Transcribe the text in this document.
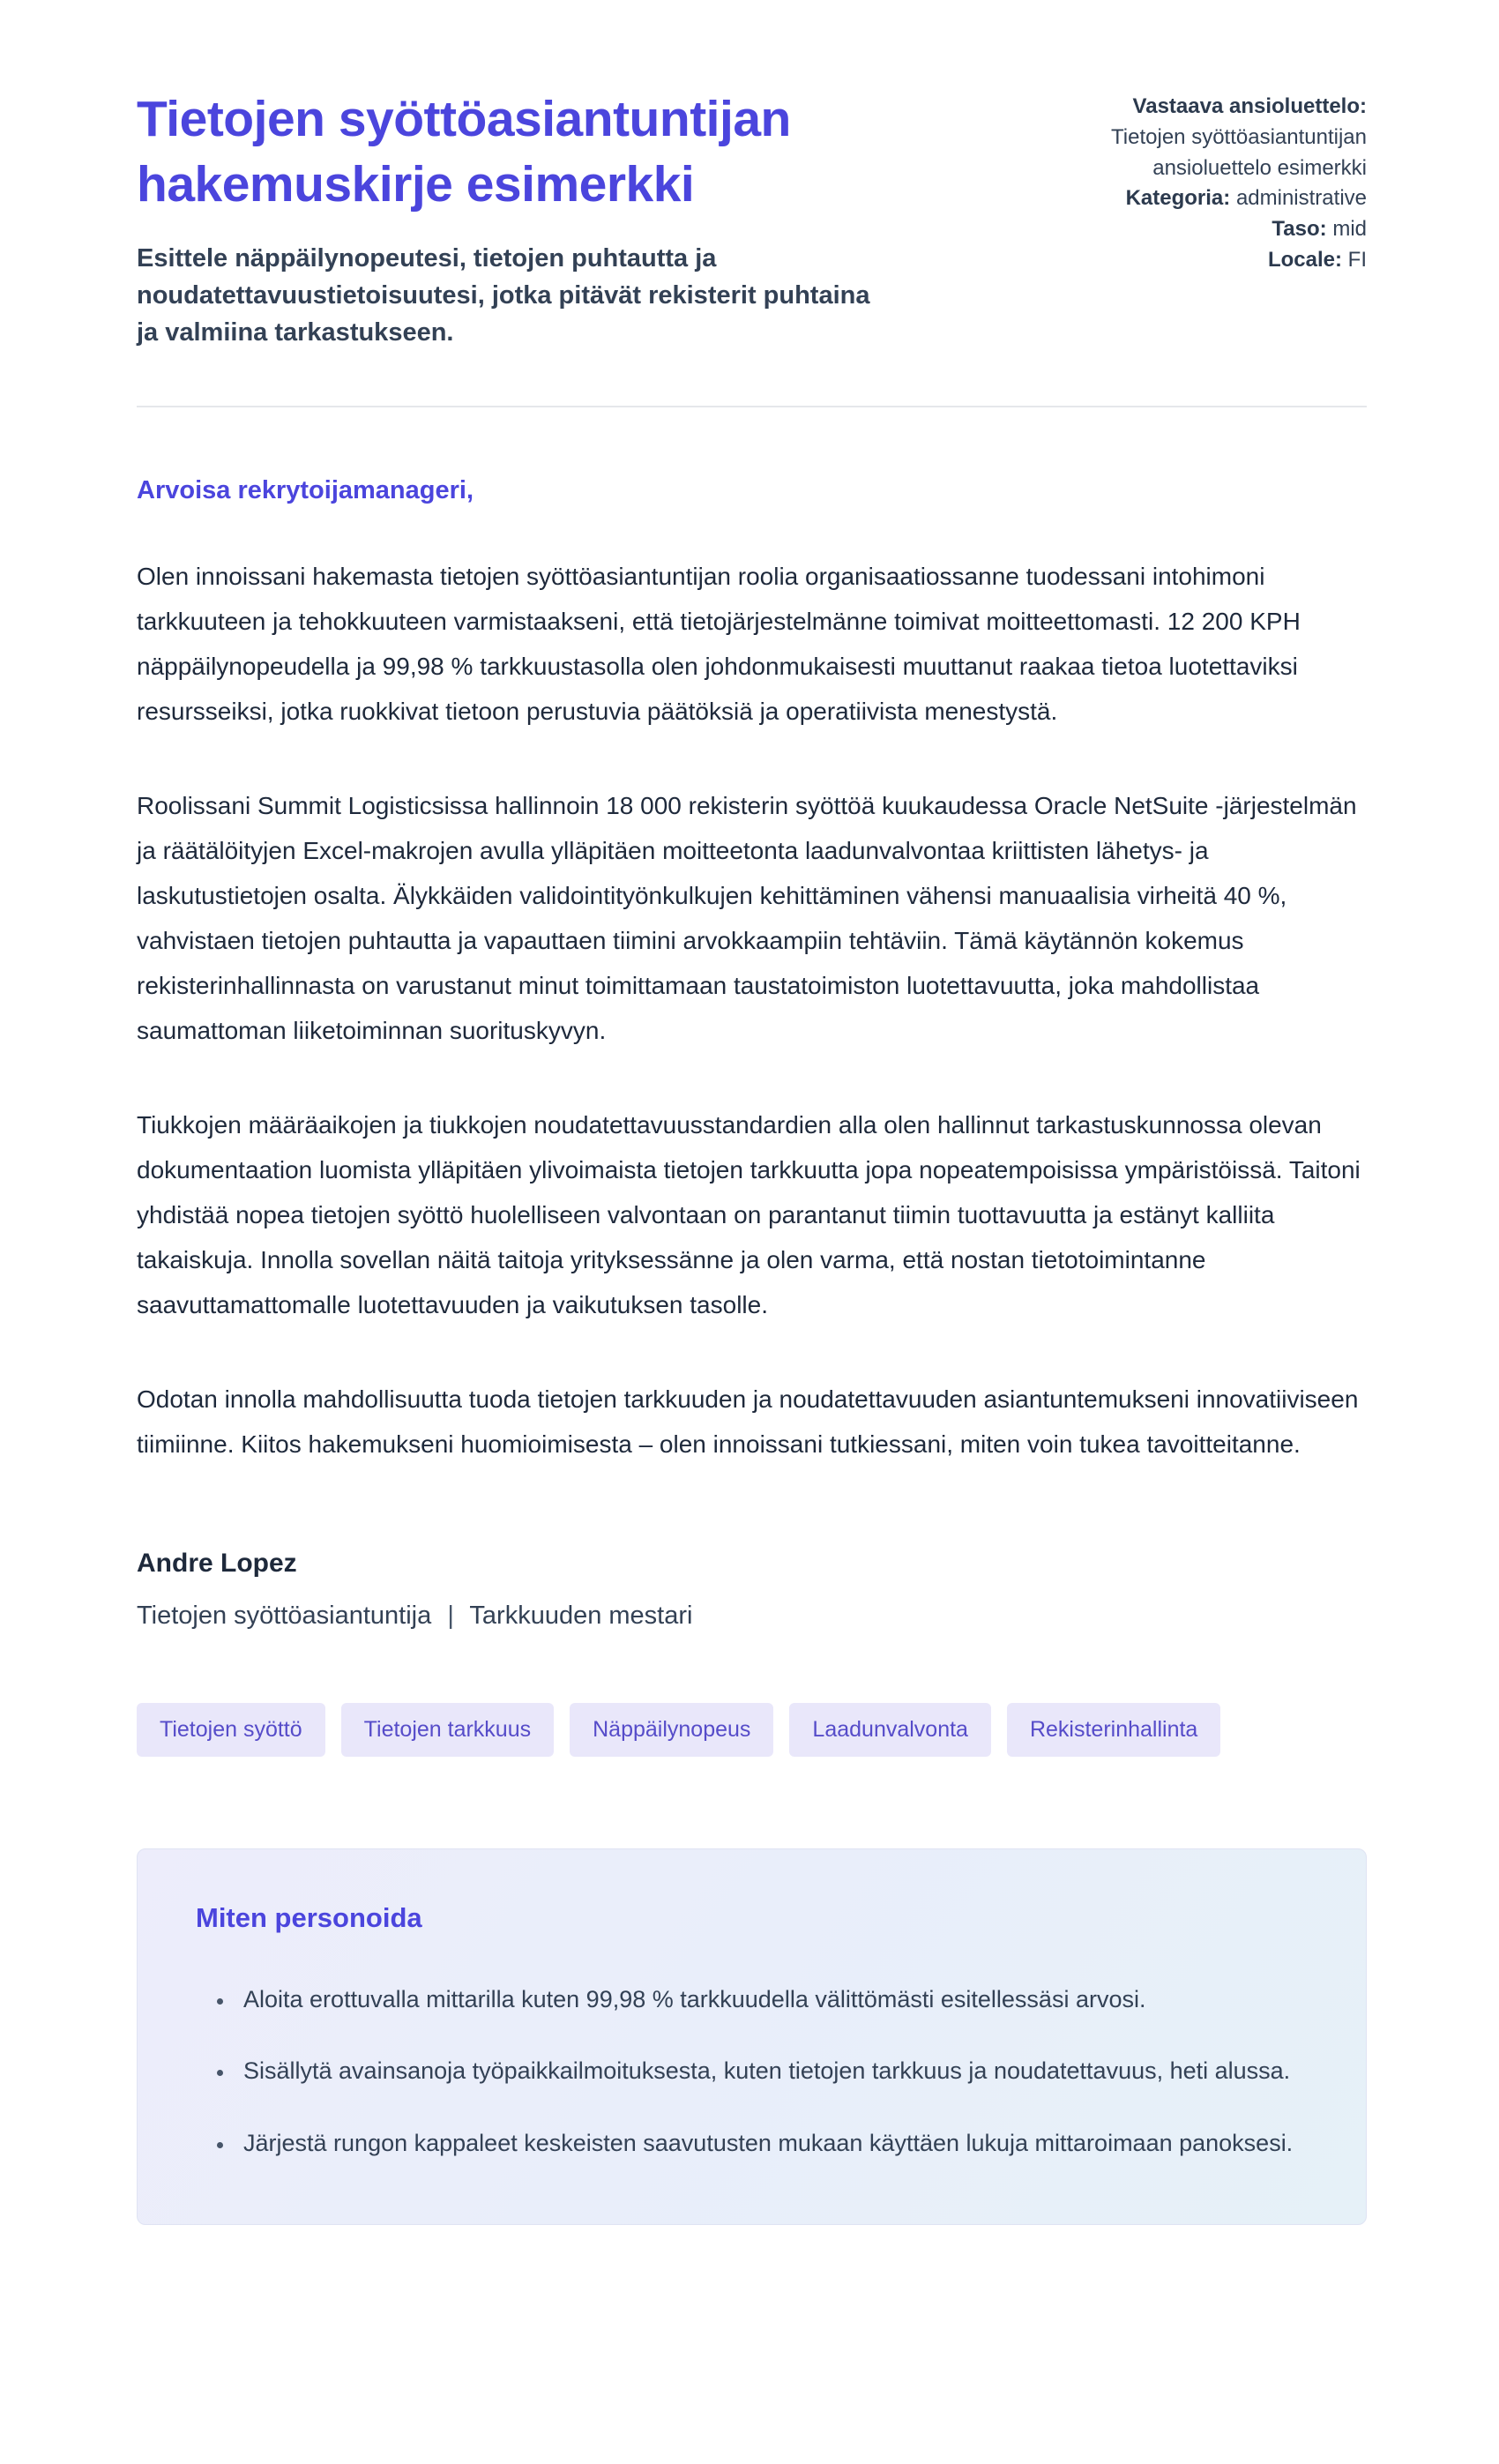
Tietojen syöttöasiantuntijan hakemuskirje esimerkki

Esittele näppäilynopeutesi, tietojen puhtautta ja noudatettavuustietoisuutesi, jotka pitävät rekisterit puhtaina ja valmiina tarkastukseen.

Vastaava ansioluettelo:
Tietojen syöttöasiantuntijan ansioluettelo esimerkki
Kategoria: administrative
Taso: mid
Locale: FI

Arvoisa rekrytoijamanageri,

Olen innoissani hakemasta tietojen syöttöasiantuntijan roolia organisaatiossanne tuodessani intohimoni tarkkuuteen ja tehokkuuteen varmistaakseni, että tietojärjestelmänne toimivat moitteettomasti. 12 200 KPH näppäilynopeudella ja 99,98 % tarkkuustasolla olen johdonmukaisesti muuttanut raakaa tietoa luotettaviksi resursseiksi, jotka ruokkivat tietoon perustuvia päätöksiä ja operatiivista menestystä.

Roolissani Summit Logisticsissa hallinnoin 18 000 rekisterin syöttöä kuukaudessa Oracle NetSuite -järjestelmän ja räätälöityjen Excel-makrojen avulla ylläpitäen moitteetonta laadunvalvontaa kriittisten lähetys- ja laskutustietojen osalta. Älykkäiden validointityönkulkujen kehittäminen vähensi manuaalisia virheitä 40 %, vahvistaen tietojen puhtautta ja vapauttaen tiimini arvokkaampiin tehtäviin. Tämä käytännön kokemus rekisterinhallinnasta on varustanut minut toimittamaan taustatoimiston luotettavuutta, joka mahdollistaa saumattoman liiketoiminnan suorituskyvyn.

Tiukkojen määräaikojen ja tiukkojen noudatettavuusstandardien alla olen hallinnut tarkastuskunnossa olevan dokumentaation luomista ylläpitäen ylivoimaista tietojen tarkkuutta jopa nopeatempoisissa ympäristöissä. Taitoni yhdistää nopea tietojen syöttö huolelliseen valvontaan on parantanut tiimin tuottavuutta ja estänyt kalliita takaiskuja. Innolla sovellan näitä taitoja yrityksessänne ja olen varma, että nostan tietotoimintanne saavuttamattomalle luotettavuuden ja vaikutuksen tasolle.

Odotan innolla mahdollisuutta tuoda tietojen tarkkuuden ja noudatettavuuden asiantuntemukseni innovatiiviseen tiimiinne. Kiitos hakemukseni huomioimisesta – olen innoissani tutkiessani, miten voin tukea tavoitteitanne.

Andre Lopez

Tietojen syöttöasiantuntija | Tarkkuuden mestari

Tietojen syöttö	Tietojen tarkkuus	Näppäilynopeus	Laadunvalvonta	Rekisterinhallinta
Miten personoida
• Aloita erottuvalla mittarilla kuten 99,98 % tarkkuudella välittömästi esitellessäsi arvosi.
• Sisällytä avainsanoja työpaikkailmoituksesta, kuten tietojen tarkkuus ja noudatettavuus, heti alussa.
• Järjestä rungon kappaleet keskeisten saavutusten mukaan käyttäen lukuja mittaroimaan panoksesi.
